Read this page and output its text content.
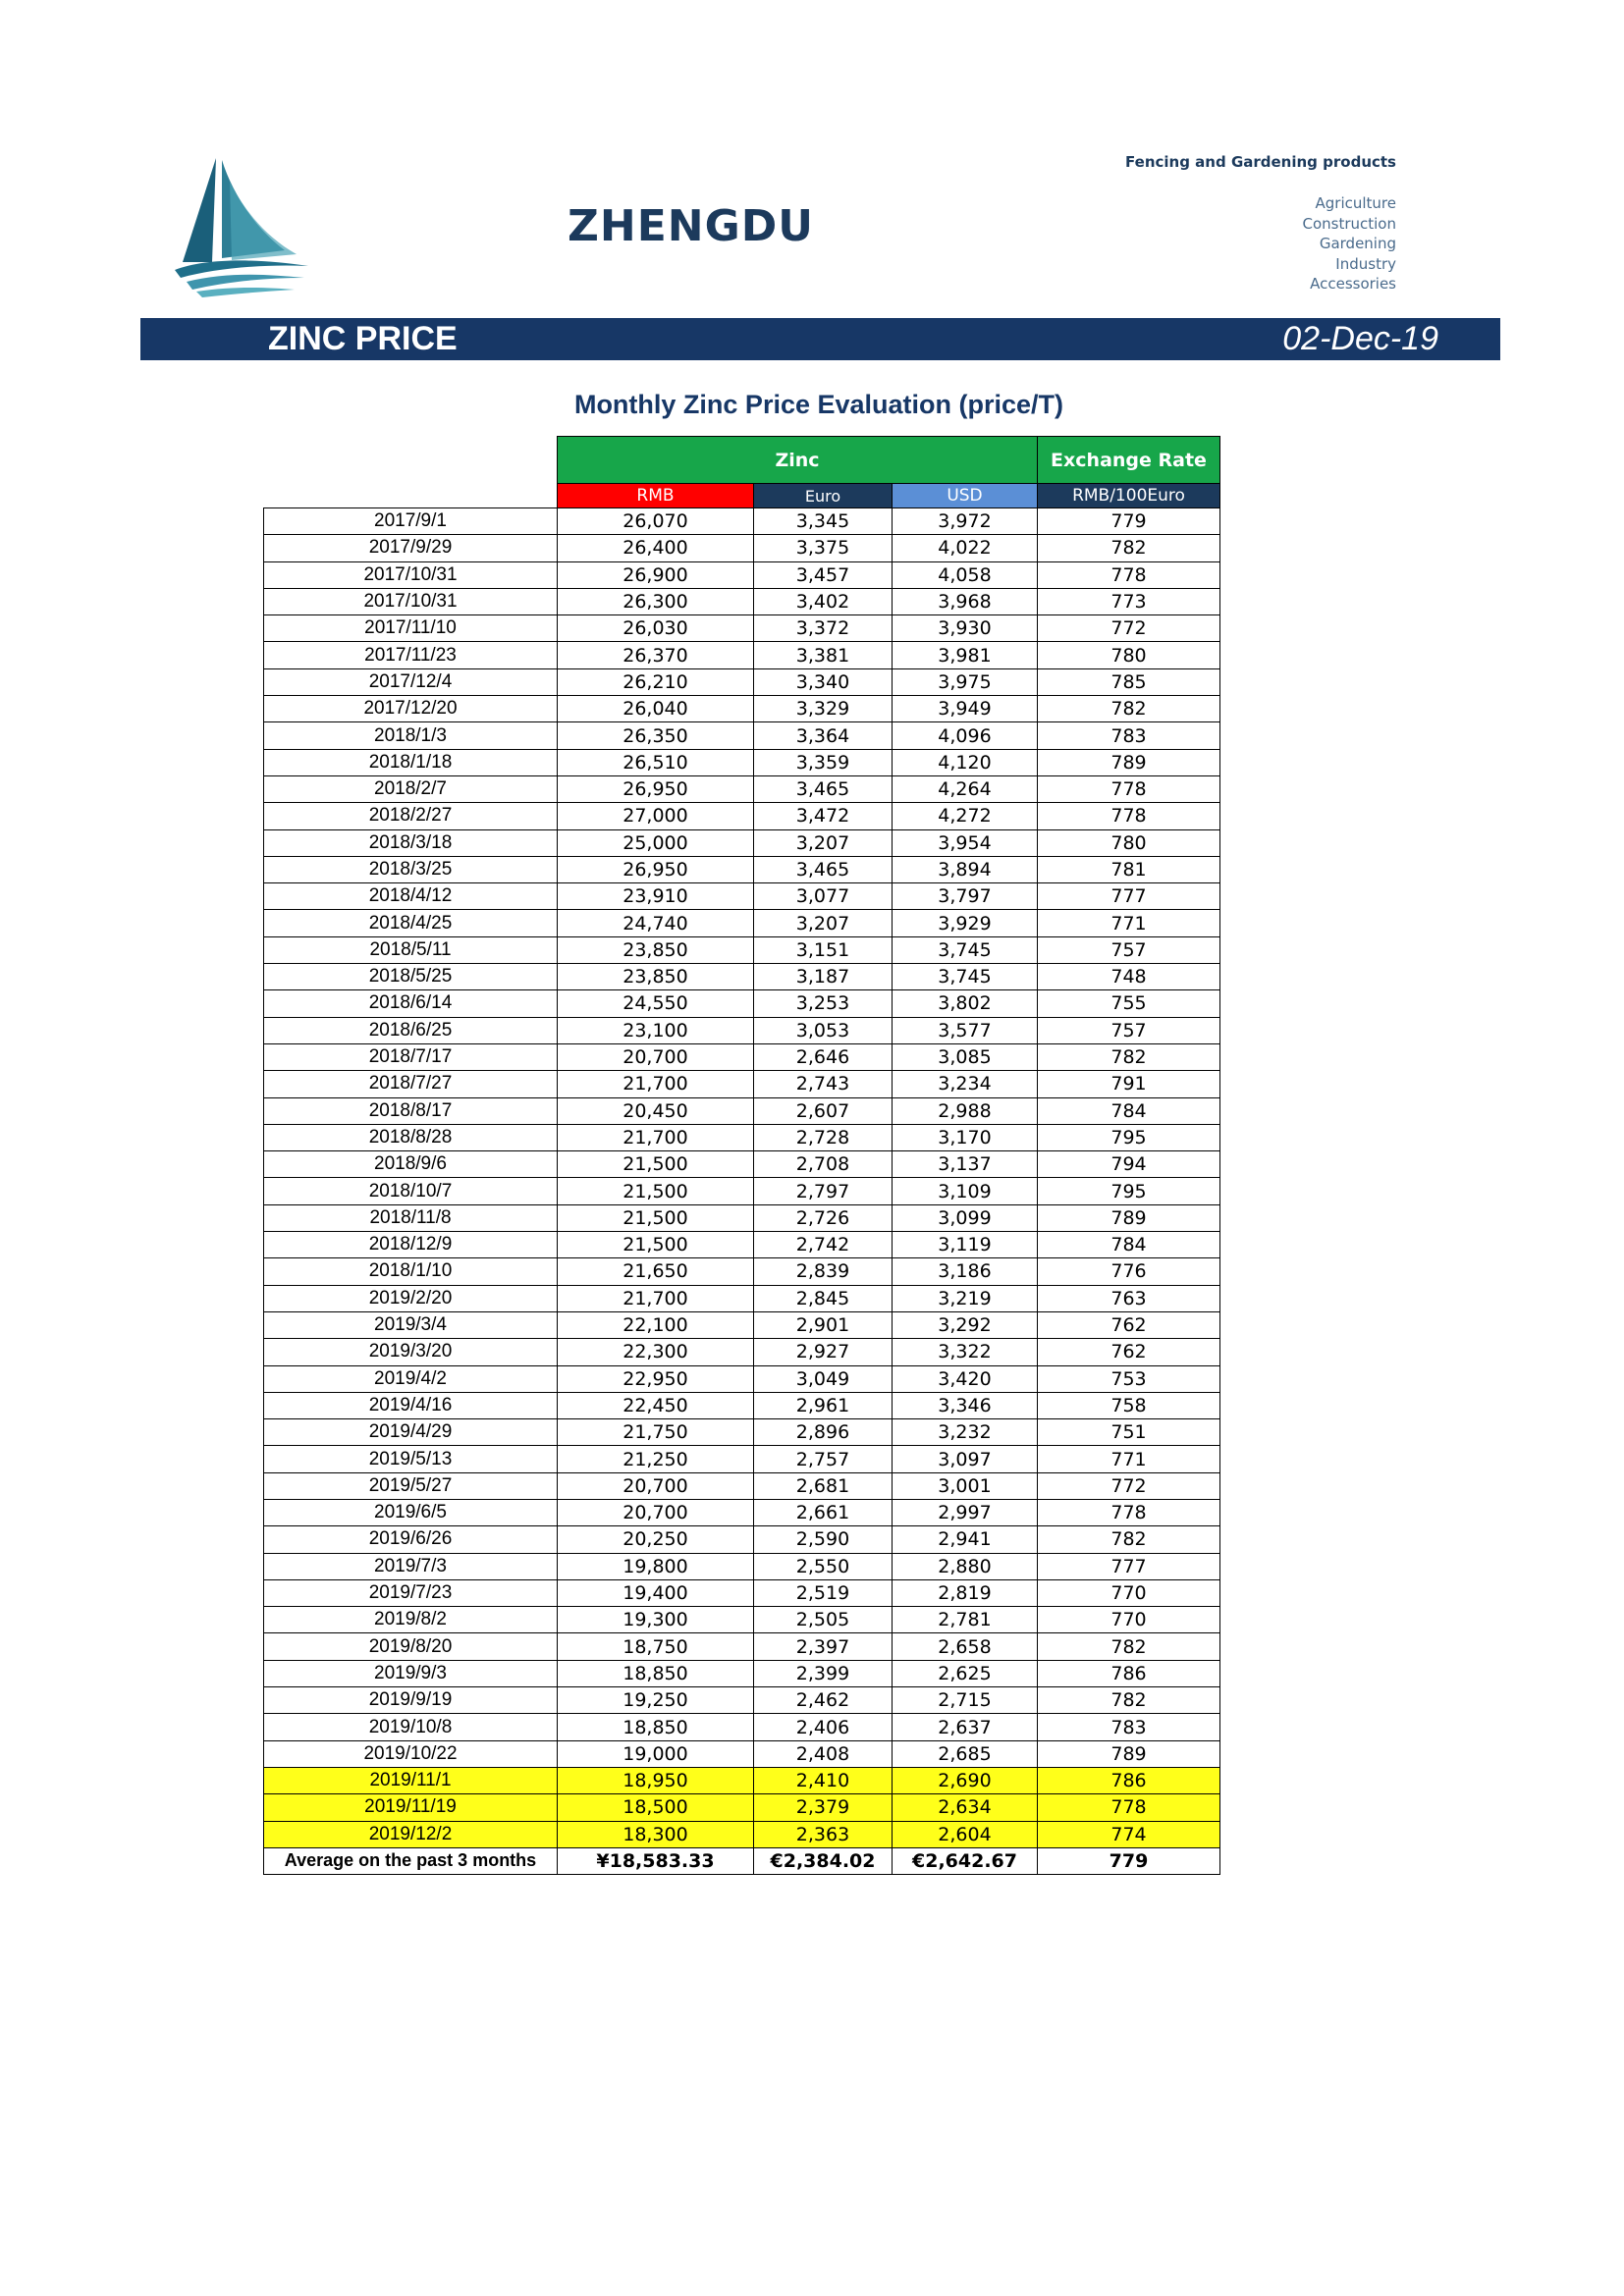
ZHENGDU
Fencing and Gardening products
Agriculture
Construction
Gardening
Industry
Accessories
ZINC PRICE	02-Dec-19
Monthly Zinc Price Evaluation (price/T)
	Zinc			Exchange Rate
	RMB	Euro	USD	RMB/100Euro
2017/9/1	26,070	3,345	3,972	779
2017/9/29	26,400	3,375	4,022	782
2017/10/31	26,900	3,457	4,058	778
2017/10/31	26,300	3,402	3,968	773
2017/11/10	26,030	3,372	3,930	772
2017/11/23	26,370	3,381	3,981	780
2017/12/4	26,210	3,340	3,975	785
2017/12/20	26,040	3,329	3,949	782
2018/1/3	26,350	3,364	4,096	783
2018/1/18	26,510	3,359	4,120	789
2018/2/7	26,950	3,465	4,264	778
2018/2/27	27,000	3,472	4,272	778
2018/3/18	25,000	3,207	3,954	780
2018/3/25	26,950	3,465	3,894	781
2018/4/12	23,910	3,077	3,797	777
2018/4/25	24,740	3,207	3,929	771
2018/5/11	23,850	3,151	3,745	757
2018/5/25	23,850	3,187	3,745	748
2018/6/14	24,550	3,253	3,802	755
2018/6/25	23,100	3,053	3,577	757
2018/7/17	20,700	2,646	3,085	782
2018/7/27	21,700	2,743	3,234	791
2018/8/17	20,450	2,607	2,988	784
2018/8/28	21,700	2,728	3,170	795
2018/9/6	21,500	2,708	3,137	794
2018/10/7	21,500	2,797	3,109	795
2018/11/8	21,500	2,726	3,099	789
2018/12/9	21,500	2,742	3,119	784
2018/1/10	21,650	2,839	3,186	776
2019/2/20	21,700	2,845	3,219	763
2019/3/4	22,100	2,901	3,292	762
2019/3/20	22,300	2,927	3,322	762
2019/4/2	22,950	3,049	3,420	753
2019/4/16	22,450	2,961	3,346	758
2019/4/29	21,750	2,896	3,232	751
2019/5/13	21,250	2,757	3,097	771
2019/5/27	20,700	2,681	3,001	772
2019/6/5	20,700	2,661	2,997	778
2019/6/26	20,250	2,590	2,941	782
2019/7/3	19,800	2,550	2,880	777
2019/7/23	19,400	2,519	2,819	770
2019/8/2	19,300	2,505	2,781	770
2019/8/20	18,750	2,397	2,658	782
2019/9/3	18,850	2,399	2,625	786
2019/9/19	19,250	2,462	2,715	782
2019/10/8	18,850	2,406	2,637	783
2019/10/22	19,000	2,408	2,685	789
2019/11/1	18,950	2,410	2,690	786
2019/11/19	18,500	2,379	2,634	778
2019/12/2	18,300	2,363	2,604	774
Average on the past 3 months	¥18,583.33	€2,384.02	€2,642.67	779
